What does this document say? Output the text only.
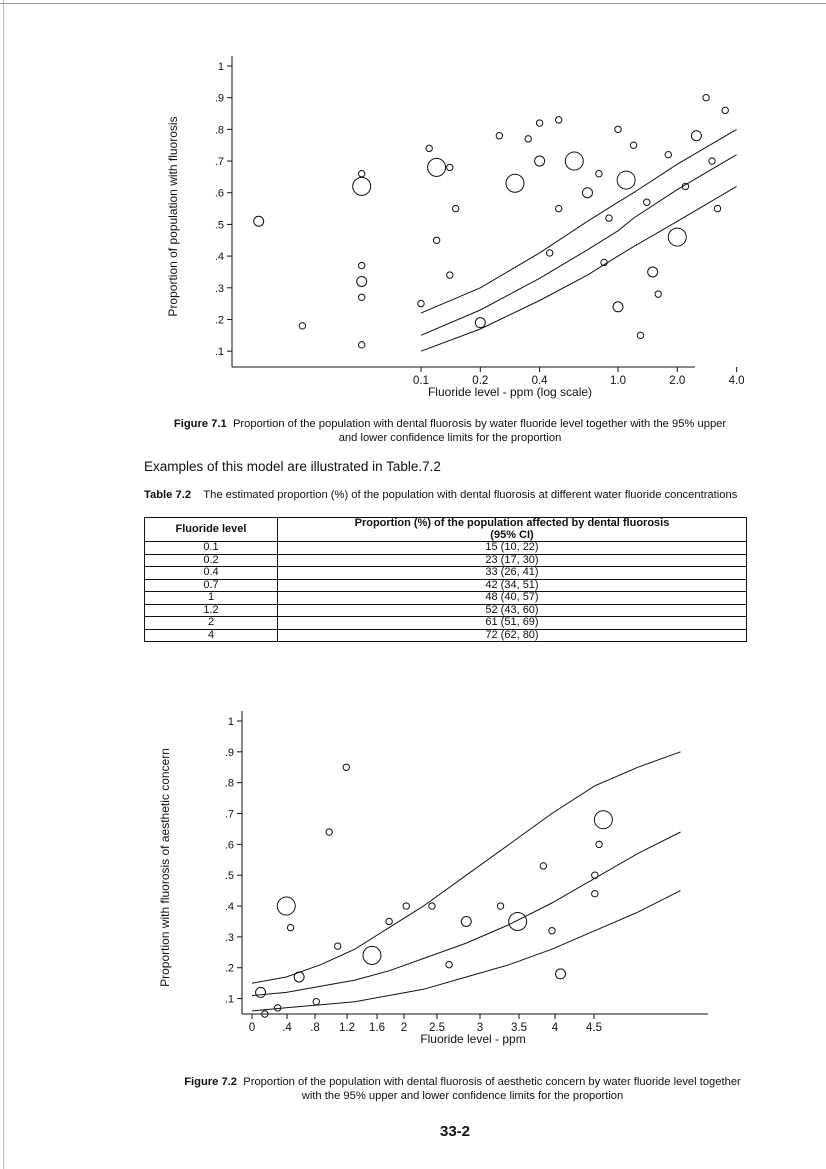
.1
.2
.3
.4
.5
.6
.7
.8
.9
1
0.1	0.2	0.4	1.0	2.0	4.0
Fluoride level - ppm (log scale)
Proportion of population with fluorosis
Figure 7.1 Proportion of the population with dental fluorosis by water fluoride level together with the 95% upper
and lower confidence limits for the proportion
Examples of this model are illustrated in Table.7.2
Table 7.2 The estimated proportion (%) of the population with dental fluorosis at different water fluoride concentrations
Fluoride level	Proportion (%) of the population affected by dental fluorosis
(95% CI)

0.1	15 (10, 22)
0.2	23 (17, 30)
0.4	33 (26, 41)
0.7	42 (34, 51)
1	48 (40, 57)
1.2	52 (43, 60)
2	61 (51, 69)
4	72 (62, 80)
.1
.2
.3
.4
.5
.6
.7
.8
.9
1
0 .4 .8 1.2 1.6 2 2.5	3 3.5 4 4.5
Fluoride level - ppm
Proportion with fluorosis of aesthetic concern
Figure 7.2 Proportion of the population with dental fluorosis of aesthetic concern by water fluoride level together
with the 95% upper and lower confidence limits for the proportion
33-2
